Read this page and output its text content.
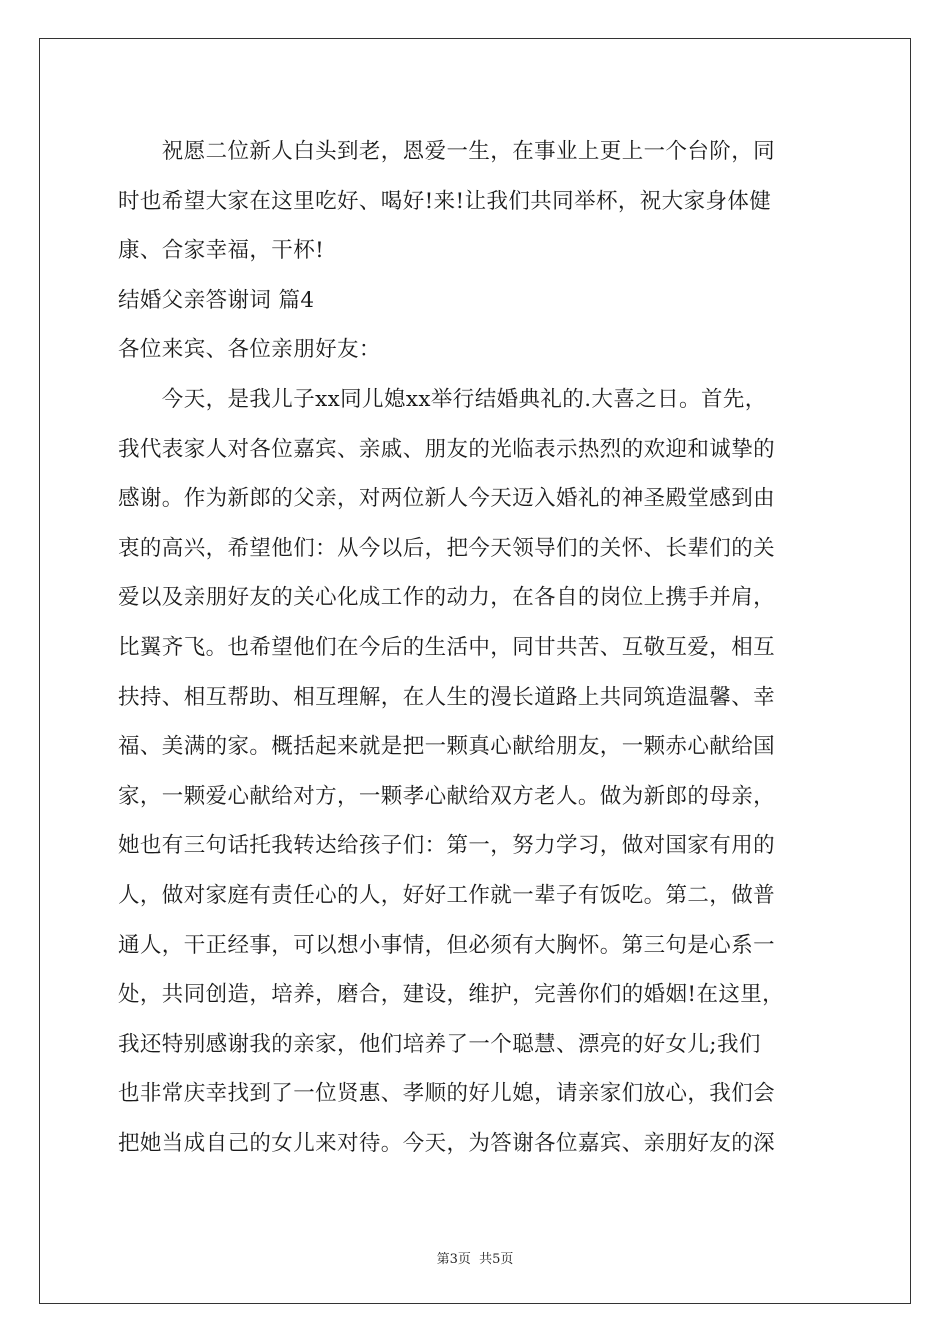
　　祝愿二位新人白头到老，恩爱一生，在事业上更上一个台阶，同
时也希望大家在这里吃好、喝好!来!让我们共同举杯，祝大家身体健
康、合家幸福，干杯!
结婚父亲答谢词 篇4
各位来宾、各位亲朋好友：
　　今天，是我儿子xx同儿媳xx举行结婚典礼的.大喜之日。首先，
我代表家人对各位嘉宾、亲戚、朋友的光临表示热烈的欢迎和诚挚的
感谢。作为新郎的父亲，对两位新人今天迈入婚礼的神圣殿堂感到由
衷的高兴，希望他们：从今以后，把今天领导们的关怀、长辈们的关
爱以及亲朋好友的关心化成工作的动力，在各自的岗位上携手并肩，
比翼齐飞。也希望他们在今后的生活中，同甘共苦、互敬互爱，相互
扶持、相互帮助、相互理解，在人生的漫长道路上共同筑造温馨、幸
福、美满的家。概括起来就是把一颗真心献给朋友，一颗赤心献给国
家，一颗爱心献给对方，一颗孝心献给双方老人。做为新郎的母亲，
她也有三句话托我转达给孩子们：第一，努力学习，做对国家有用的
人，做对家庭有责任心的人，好好工作就一辈子有饭吃。第二，做普
通人，干正经事，可以想小事情，但必须有大胸怀。第三句是心系一
处，共同创造，培养，磨合，建设，维护，完善你们的婚姻!在这里，
我还特别感谢我的亲家，他们培养了一个聪慧、漂亮的好女儿;我们
也非常庆幸找到了一位贤惠、孝顺的好儿媳，请亲家们放心，我们会
把她当成自己的女儿来对待。今天，为答谢各位嘉宾、亲朋好友的深
第3页 共5页
